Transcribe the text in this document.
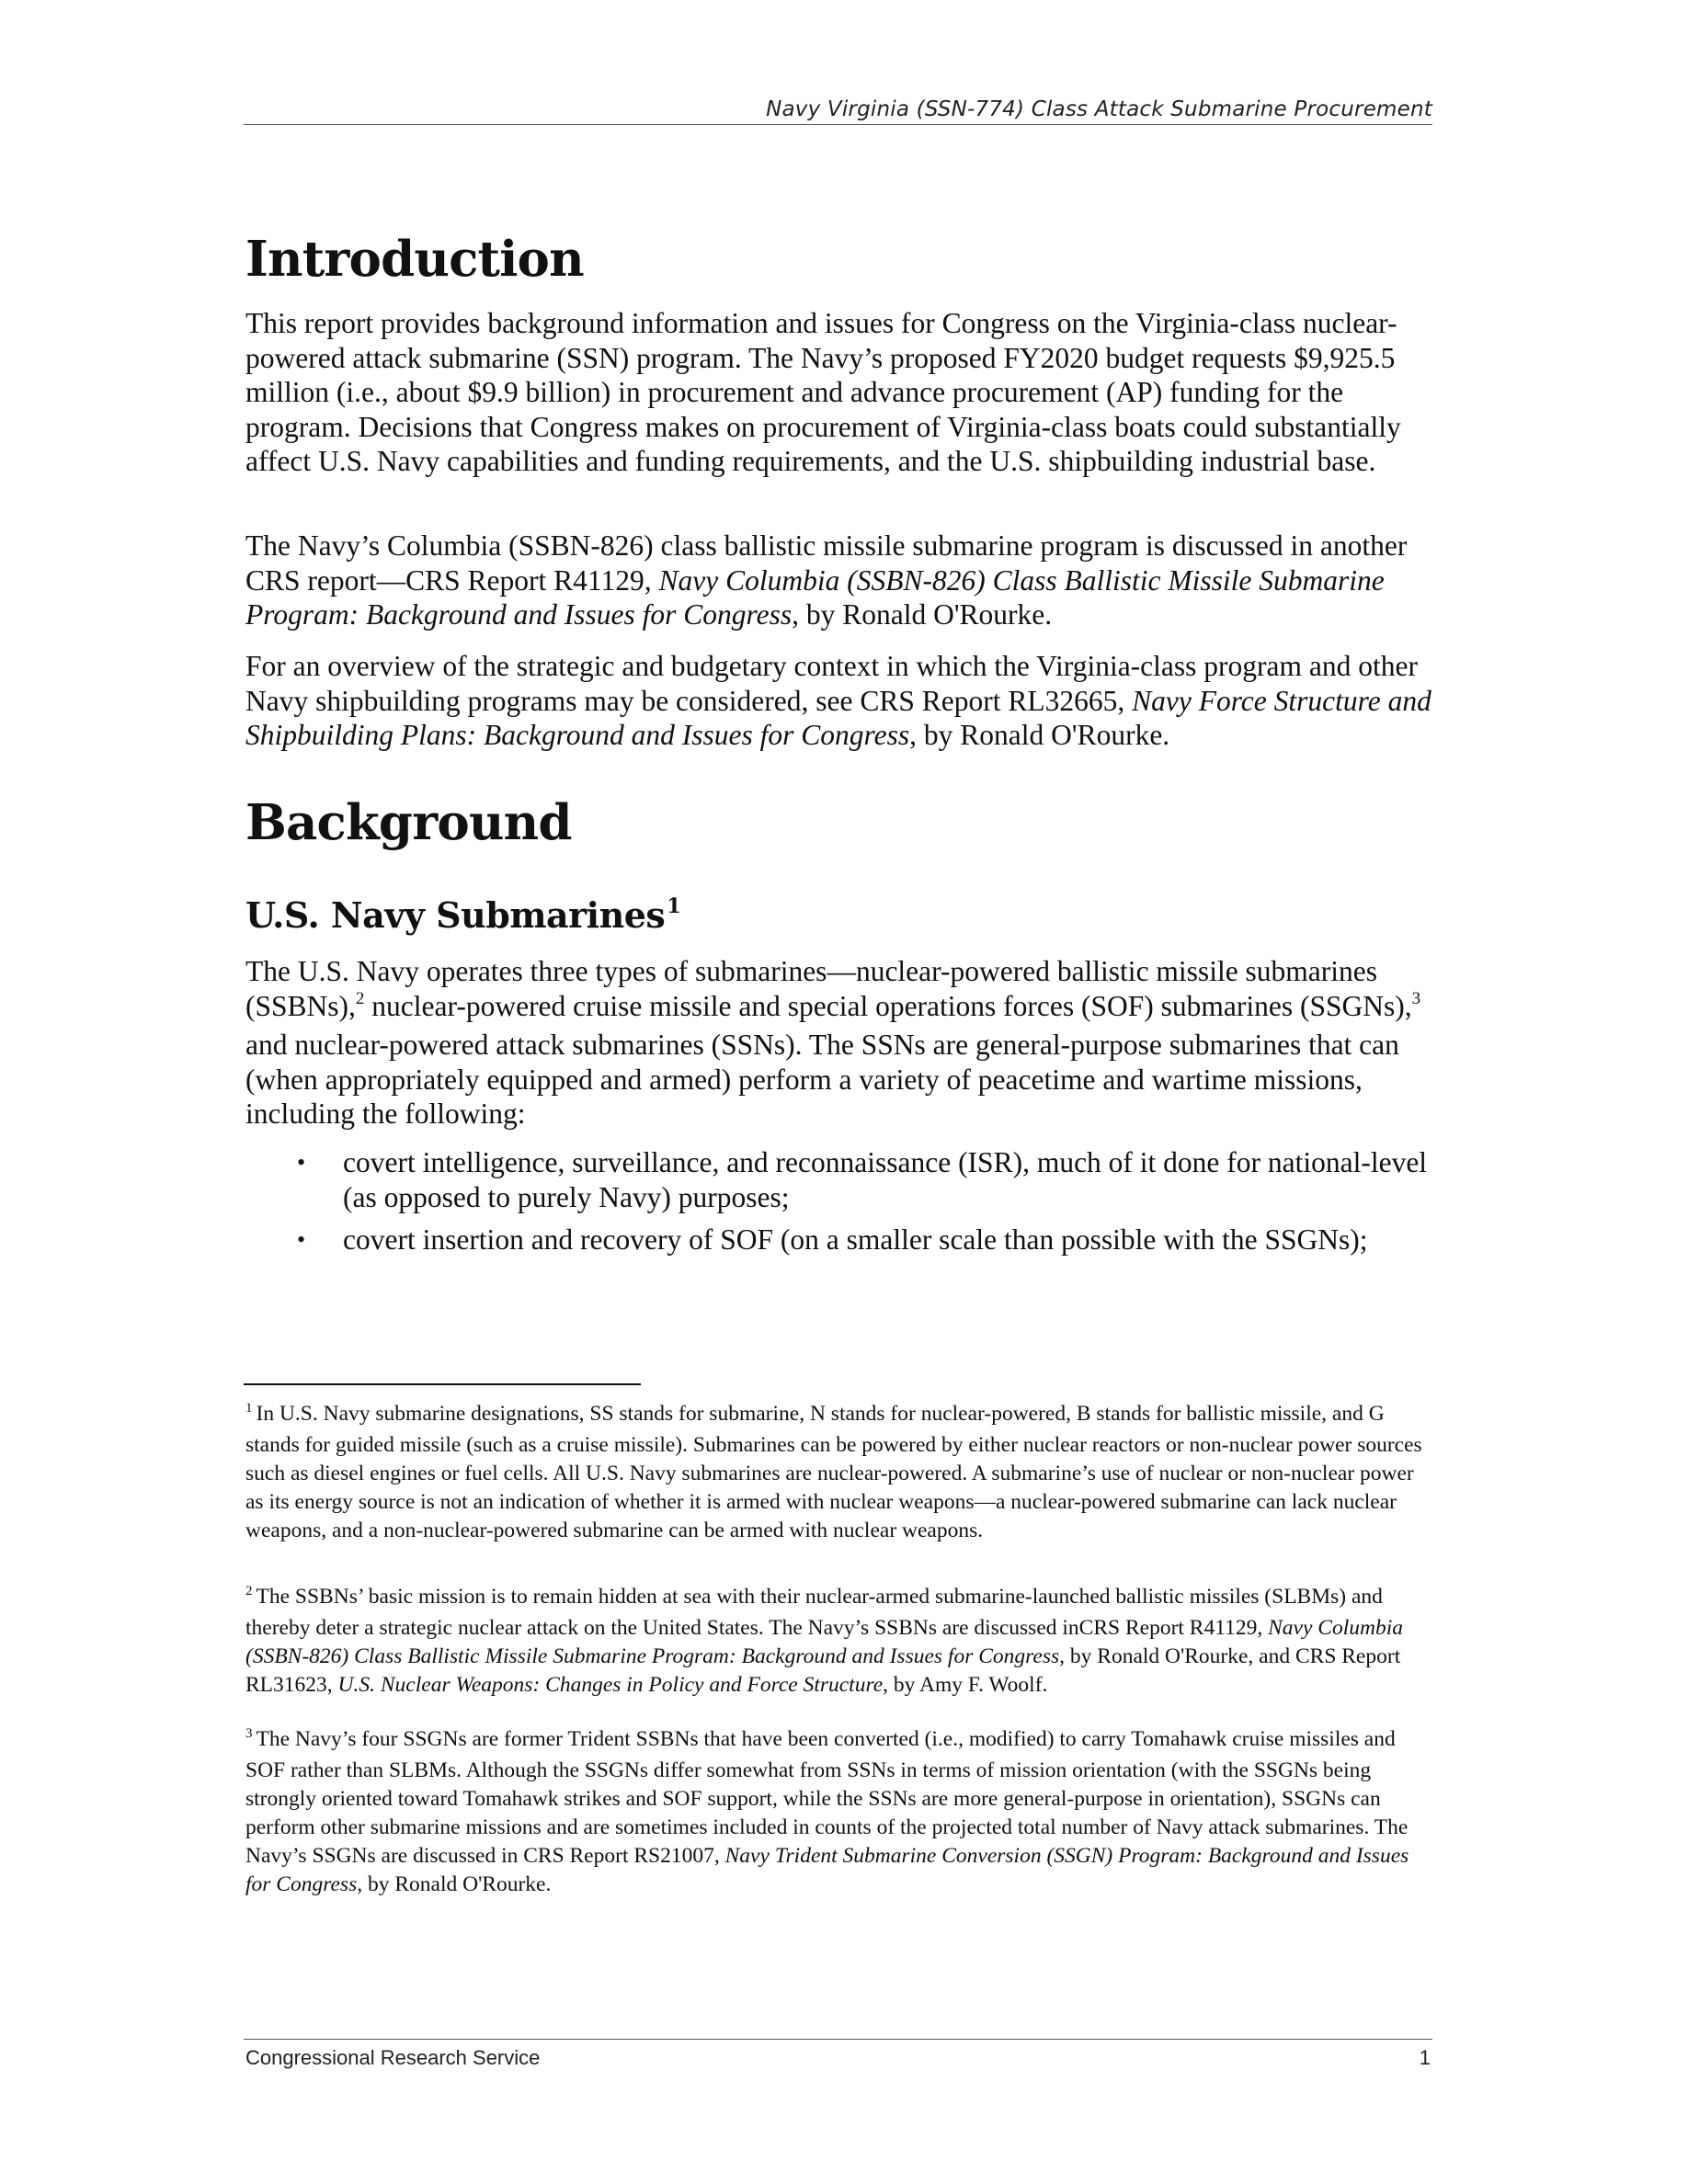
Navy Virginia (SSN-774) Class Attack Submarine Procurement
Introduction

This report provides background information and issues for Congress on the Virginia-class nuclear-powered attack submarine (SSN) program. The Navy’s proposed FY2020 budget requests $9,925.5 million (i.e., about $9.9 billion) in procurement and advance procurement (AP) funding for the program. Decisions that Congress makes on procurement of Virginia-class boats could substantially affect U.S. Navy capabilities and funding requirements, and the U.S. shipbuilding industrial base.

The Navy’s Columbia (SSBN-826) class ballistic missile submarine program is discussed in another CRS report—CRS Report R41129, Navy Columbia (SSBN-826) Class Ballistic Missile Submarine Program: Background and Issues for Congress, by Ronald O'Rourke.

For an overview of the strategic and budgetary context in which the Virginia-class program and other Navy shipbuilding programs may be considered, see CRS Report RL32665, Navy Force Structure and Shipbuilding Plans: Background and Issues for Congress, by Ronald O'Rourke.

Background
U.S. Navy Submarines$^1$

The U.S. Navy operates three types of submarines—nuclear-powered ballistic missile submarines (SSBNs),$^2$ nuclear-powered cruise missile and special operations forces (SOF) submarines (SSGNs),$^3$ and nuclear-powered attack submarines (SSNs). The SSNs are general-purpose submarines that can (when appropriately equipped and armed) perform a variety of peacetime and wartime missions, including the following:

• covert intelligence, surveillance, and reconnaissance (ISR), much of it done for national-level (as opposed to purely Navy) purposes;
• covert insertion and recovery of SOF (on a smaller scale than possible with the SSGNs);

$^1$ In U.S. Navy submarine designations, SS stands for submarine, N stands for nuclear-powered, B stands for ballistic missile, and G stands for guided missile (such as a cruise missile). Submarines can be powered by either nuclear reactors or non-nuclear power sources such as diesel engines or fuel cells. All U.S. Navy submarines are nuclear-powered. A submarine’s use of nuclear or non-nuclear power as its energy source is not an indication of whether it is armed with nuclear weapons—a nuclear-powered submarine can lack nuclear weapons, and a non-nuclear-powered submarine can be armed with nuclear weapons.

$^2$ The SSBNs’ basic mission is to remain hidden at sea with their nuclear-armed submarine-launched ballistic missiles (SLBMs) and thereby deter a strategic nuclear attack on the United States. The Navy’s SSBNs are discussed inCRS Report R41129, Navy Columbia (SSBN-826) Class Ballistic Missile Submarine Program: Background and Issues for Congress, by Ronald O'Rourke, and CRS Report RL31623, U.S. Nuclear Weapons: Changes in Policy and Force Structure, by Amy F. Woolf.

$^3$ The Navy’s four SSGNs are former Trident SSBNs that have been converted (i.e., modified) to carry Tomahawk cruise missiles and SOF rather than SLBMs. Although the SSGNs differ somewhat from SSNs in terms of mission orientation (with the SSGNs being strongly oriented toward Tomahawk strikes and SOF support, while the SSNs are more general-purpose in orientation), SSGNs can perform other submarine missions and are sometimes included in counts of the projected total number of Navy attack submarines. The Navy’s SSGNs are discussed in CRS Report RS21007, Navy Trident Submarine Conversion (SSGN) Program: Background and Issues for Congress, by Ronald O'Rourke.

Congressional Research Service	1
